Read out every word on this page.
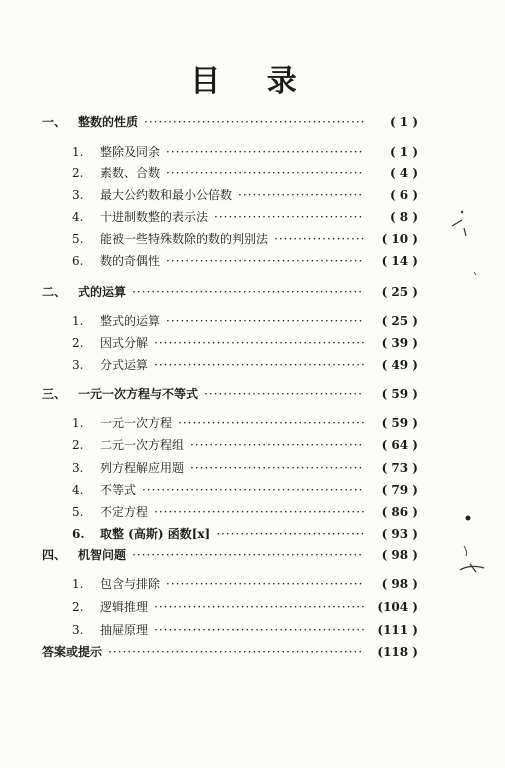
目 录
一、 整数的性质 ·····	( 1 )
1.	整除及同余 ·····	( 1 )
2.	素数、合数 ·····	( 4 )
3.	最大公约数和最小公倍数 ·····	( 6 )
4.	十进制数整的表示法 ·····	( 8 )
5.	能被一些特殊数除的数的判别法 ·····	( 10 )
6.	数的奇偶性 ·····	( 14 )
二、 式的运算 ·····	( 25 )
1.	整式的运算 ·····	( 25 )
2.	因式分解 ·····	( 39 )
3.	分式运算 ·····	( 49 )
三、 一元一次方程与不等式 ·····	( 59 )
1.	一元一次方程 ·····	( 59 )
2.	二元一次方程组 ·····	( 64 )
3.	列方程解应用题 ·····	( 73 )
4.	不等式 ·····	( 79 )
5.	不定方程 ·····	( 86 )
6.	取整 (高斯) 函数[x] ·····	( 93 )
四、 机智问题 ·····	( 98 )
1.	包含与排除 ·····	( 98 )
2.	逻辑推理 ·····	(104 )
3.	抽屉原理 ·····	(111 )
答案或提示 ·····	(118 )
